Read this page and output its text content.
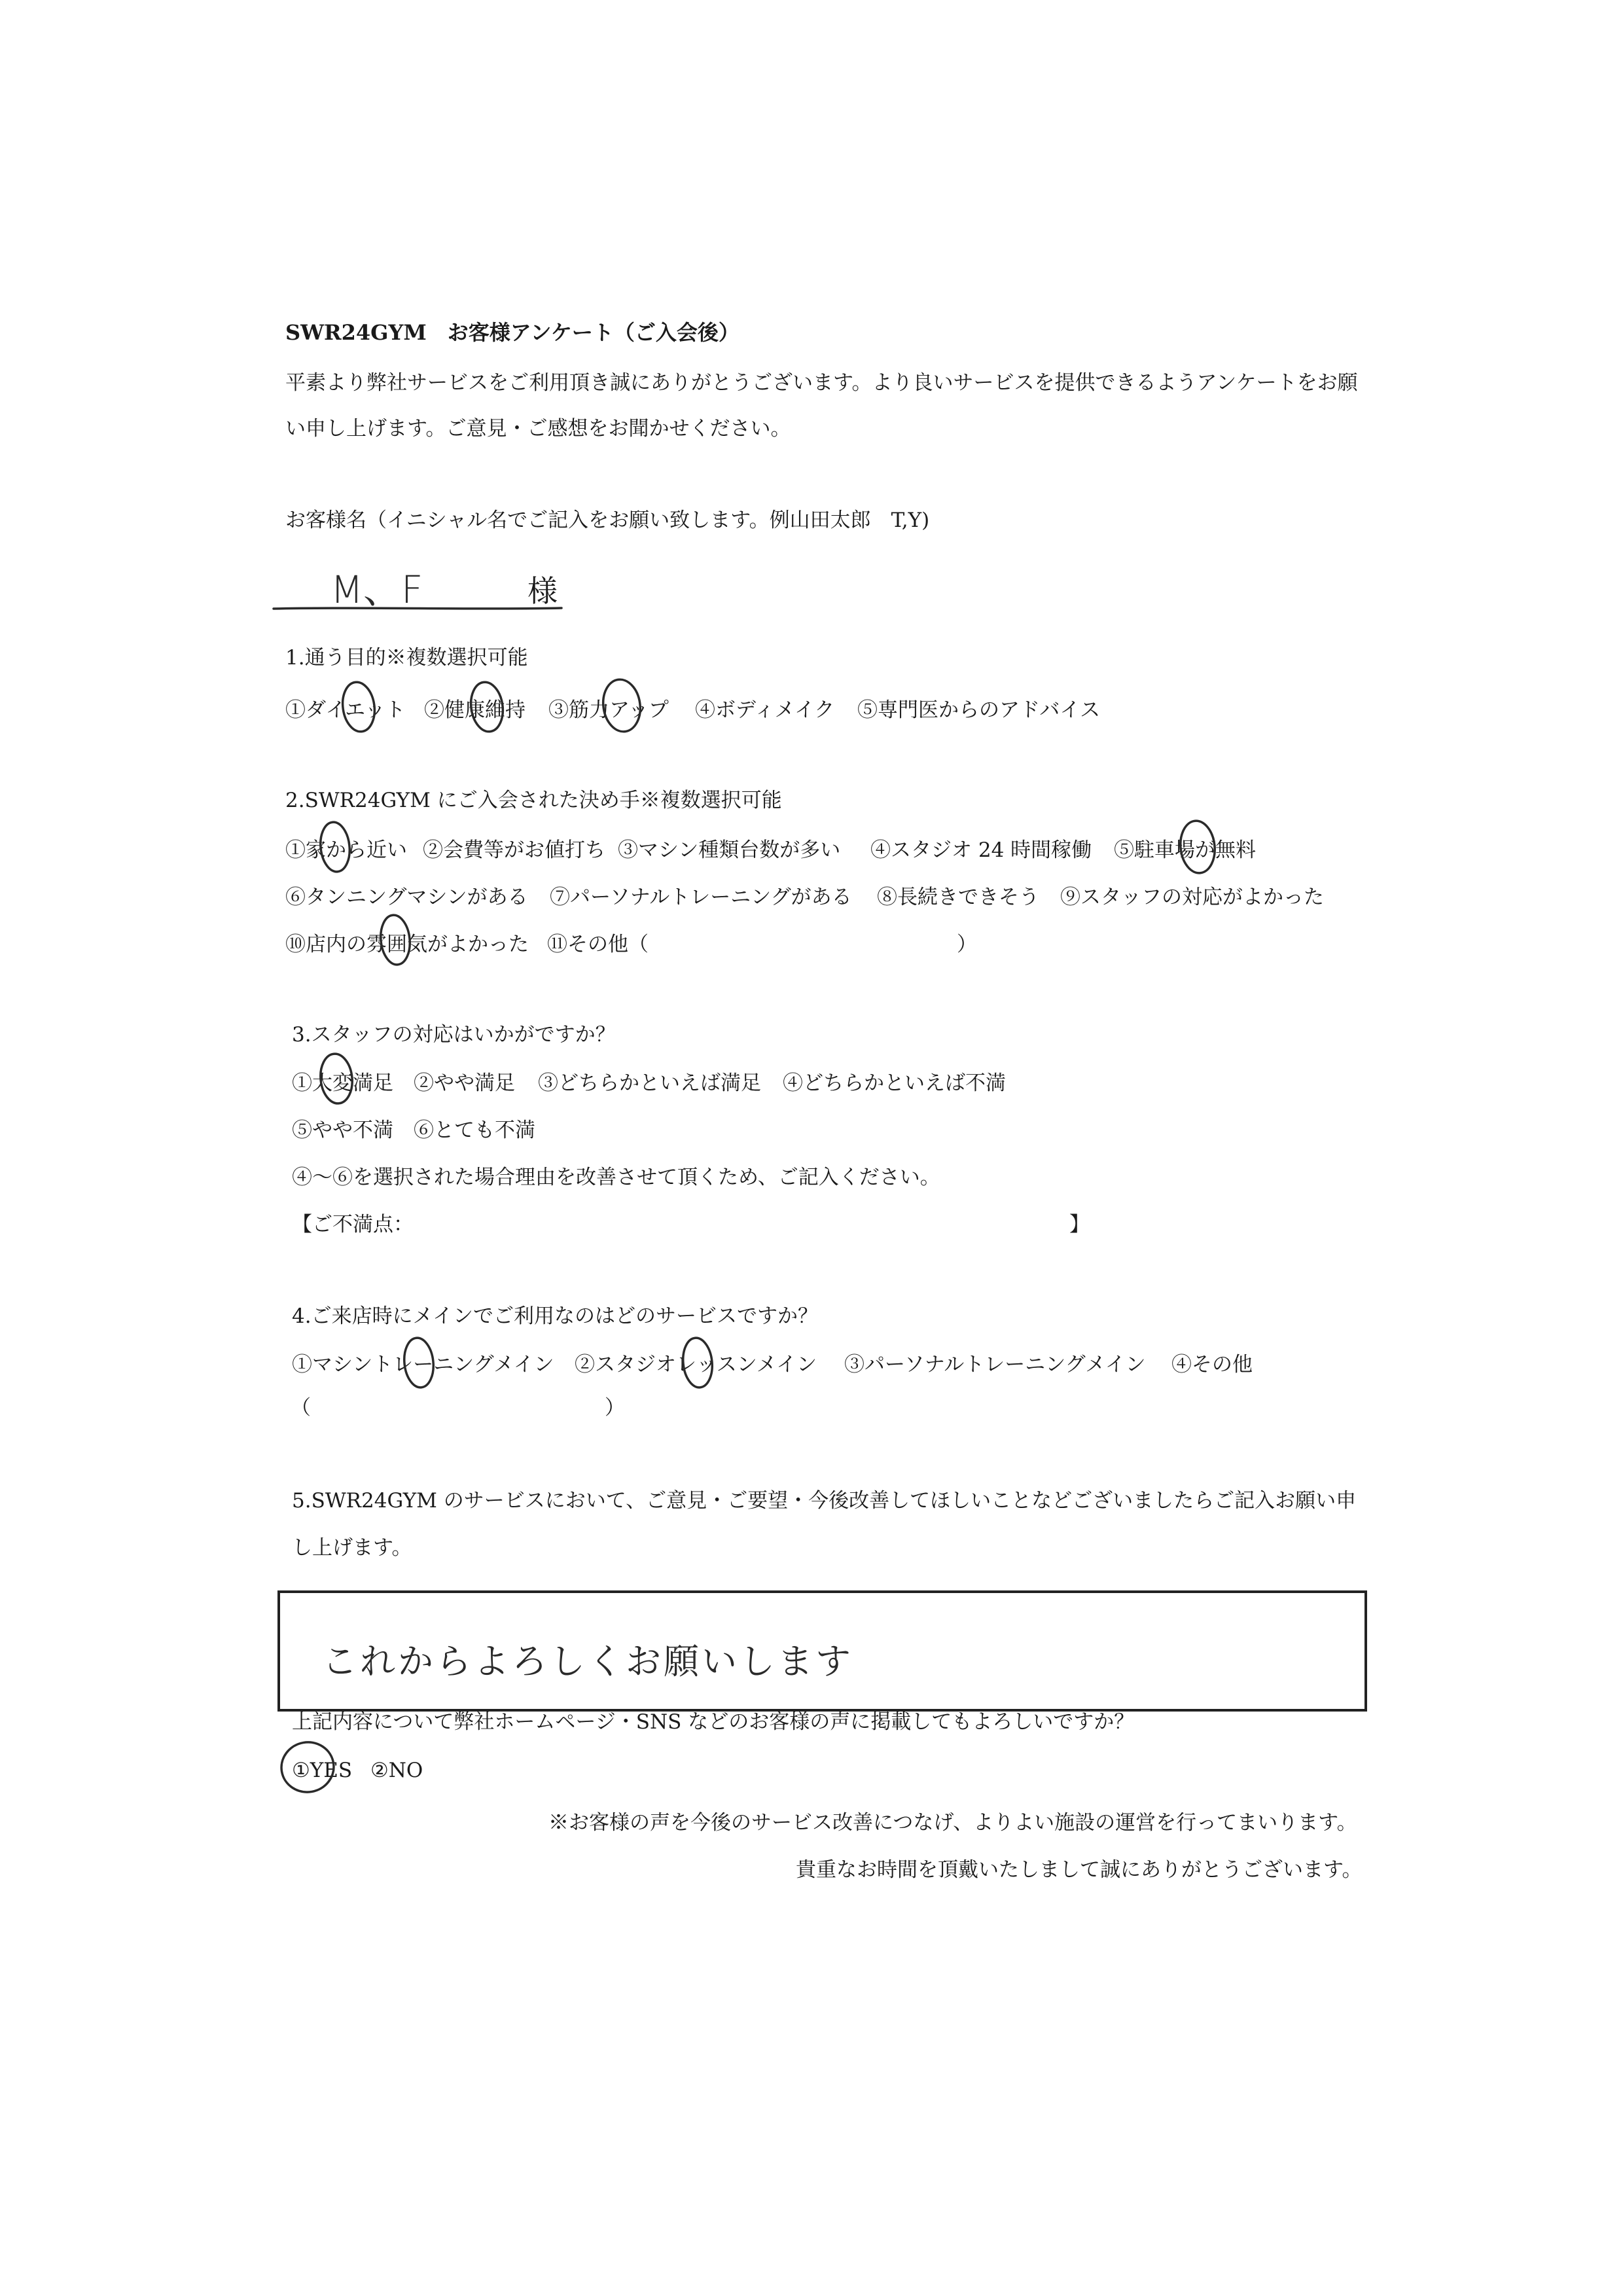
SWR24GYM　お客様アンケート（ご入会後）
平素より弊社サービスをご利用頂き誠にありがとうございます。より良いサービスを提供できるようアンケートをお願
い申し上げます。ご意見・ご感想をお聞かせください。
お客様名（イニシャル名でご記入をお願い致します。例山田太郎　T,Y)
M、F	様
1.通う目的※複数選択可能
①ダイエット ②健康維持 ③筋力アップ ④ボディメイク ⑤専門医からのアドバイス
2.SWR24GYM にご入会された決め手※複数選択可能
①家から近い ②会費等がお値打ち ③マシン種類台数が多い ④スタジオ 24 時間稼働 ⑤駐車場が無料
⑥タンニングマシンがある ⑦パーソナルトレーニングがある ⑧長続きできそう ⑨スタッフの対応がよかった
⑩店内の雰囲気がよかった ⑪その他（	）
3.スタッフの対応はいかがですか？
①大変満足 ②やや満足 ③どちらかといえば満足 ④どちらかといえば不満
⑤やや不満 ⑥とても不満
④～⑥を選択された場合理由を改善させて頂くため、ご記入ください。
【ご不満点：	】
4.ご来店時にメインでご利用なのはどのサービスですか？
①マシントレーニングメイン ②スタジオレッスンメイン ③パーソナルトレーニングメイン ④その他
（	）
5.SWR24GYM のサービスにおいて、ご意見・ご要望・今後改善してほしいことなどございましたらご記入お願い申
し上げます。
これからよろしくお願いします
上記内容について弊社ホームページ・SNS などのお客様の声に掲載してもよろしいですか？
①YES ②NO
※お客様の声を今後のサービス改善につなげ、よりよい施設の運営を行ってまいります。
貴重なお時間を頂戴いたしまして誠にありがとうございます。
